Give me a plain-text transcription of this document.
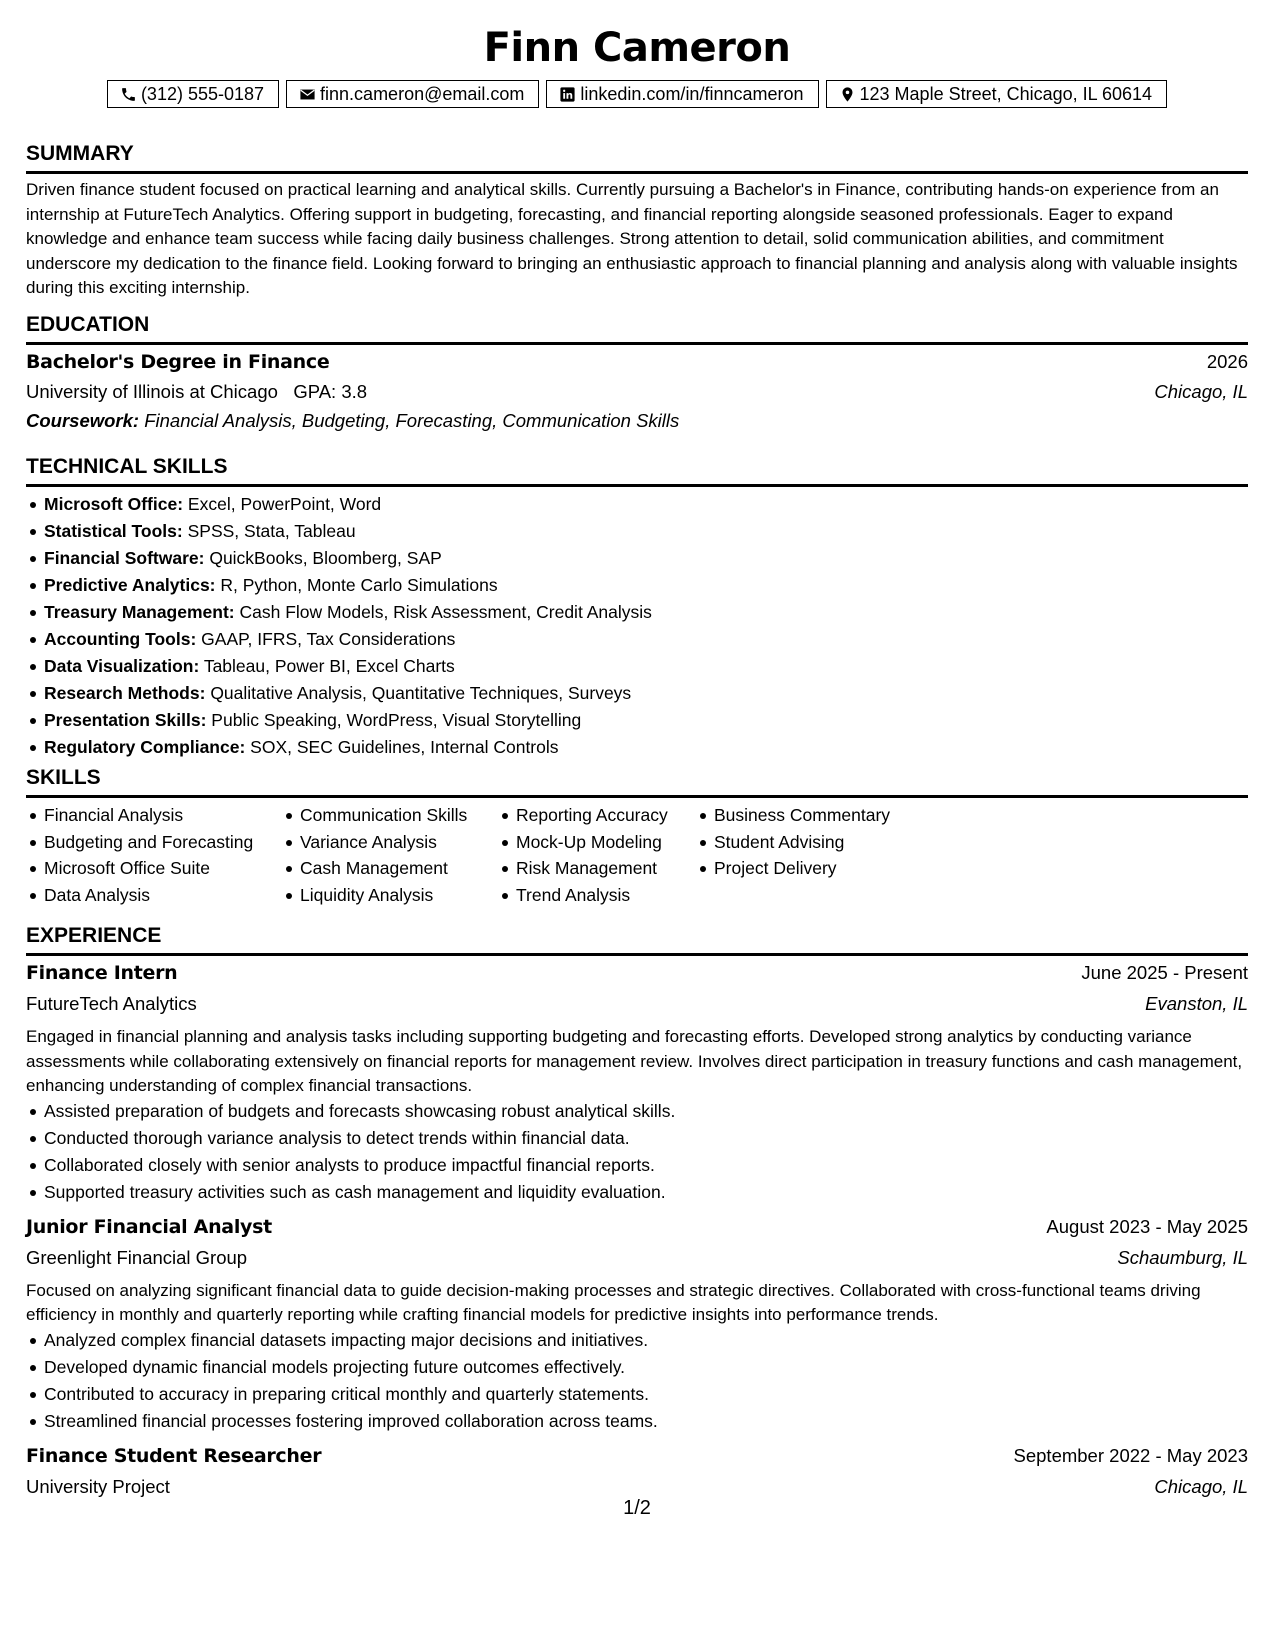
Finn Cameron
(312) 555-0187	finn.cameron@email.com	linkedin.com/in/finncameron	123 Maple Street, Chicago, IL 60614
SUMMARY
Driven finance student focused on practical learning and analytical skills. Currently pursuing a Bachelor's in Finance, contributing hands-on experience from an internship at FutureTech Analytics. Offering support in budgeting, forecasting, and financial reporting alongside seasoned professionals. Eager to expand knowledge and enhance team success while facing daily business challenges. Strong attention to detail, solid communication abilities, and commitment underscore my dedication to the finance field. Looking forward to bringing an enthusiastic approach to financial planning and analysis along with valuable insights during this exciting internship.
EDUCATION
Bachelor's Degree in Finance	2026
University of Illinois at Chicago GPA: 3.8	Chicago, IL
Coursework: Financial Analysis, Budgeting, Forecasting, Communication Skills
TECHNICAL SKILLS
Microsoft Office: Excel, PowerPoint, Word
Statistical Tools: SPSS, Stata, Tableau
Financial Software: QuickBooks, Bloomberg, SAP
Predictive Analytics: R, Python, Monte Carlo Simulations
Treasury Management: Cash Flow Models, Risk Assessment, Credit Analysis
Accounting Tools: GAAP, IFRS, Tax Considerations
Data Visualization: Tableau, Power BI, Excel Charts
Research Methods: Qualitative Analysis, Quantitative Techniques, Surveys
Presentation Skills: Public Speaking, WordPress, Visual Storytelling
Regulatory Compliance: SOX, SEC Guidelines, Internal Controls
SKILLS
Financial Analysis
Budgeting and Forecasting
Microsoft Office Suite
Data Analysis
Communication Skills
Variance Analysis
Cash Management
Liquidity Analysis
Reporting Accuracy
Mock-Up Modeling
Risk Management
Trend Analysis
Business Commentary
Student Advising
Project Delivery
EXPERIENCE
Finance Intern	June 2025 - Present
FutureTech Analytics	Evanston, IL
Engaged in financial planning and analysis tasks including supporting budgeting and forecasting efforts. Developed strong analytics by conducting variance assessments while collaborating extensively on financial reports for management review. Involves direct participation in treasury functions and cash management, enhancing understanding of complex financial transactions.
Assisted preparation of budgets and forecasts showcasing robust analytical skills.
Conducted thorough variance analysis to detect trends within financial data.
Collaborated closely with senior analysts to produce impactful financial reports.
Supported treasury activities such as cash management and liquidity evaluation.
Junior Financial Analyst	August 2023 - May 2025
Greenlight Financial Group	Schaumburg, IL
Focused on analyzing significant financial data to guide decision-making processes and strategic directives. Collaborated with cross-functional teams driving efficiency in monthly and quarterly reporting while crafting financial models for predictive insights into performance trends.
Analyzed complex financial datasets impacting major decisions and initiatives.
Developed dynamic financial models projecting future outcomes effectively.
Contributed to accuracy in preparing critical monthly and quarterly statements.
Streamlined financial processes fostering improved collaboration across teams.
Finance Student Researcher	September 2022 - May 2023
University Project	Chicago, IL
1/2
